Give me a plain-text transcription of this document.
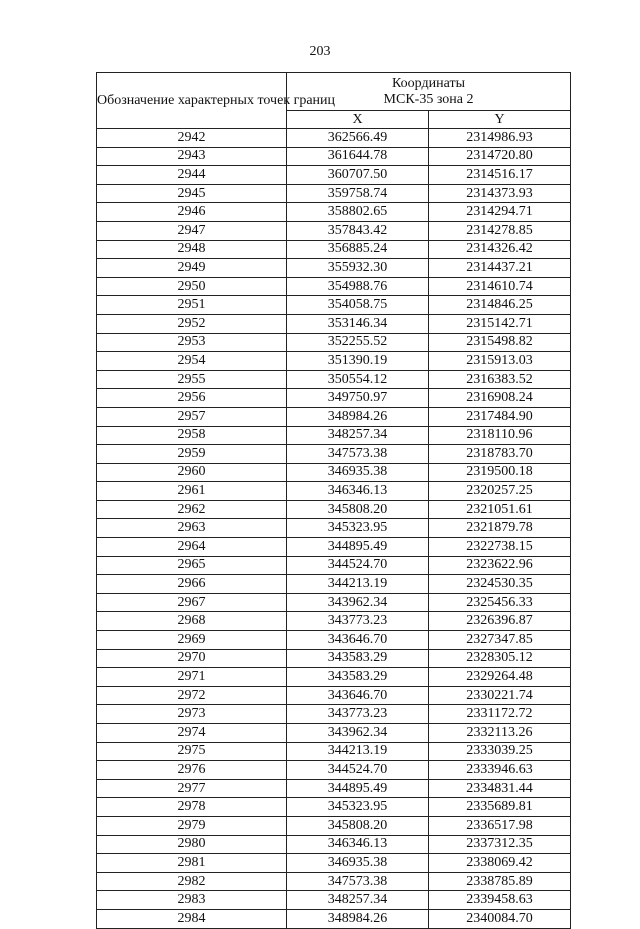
203
Обозначение характерных точек границ	Координаты
МСК-35 зона 2	
	X	Y
2942	362566.49	2314986.93
2943	361644.78	2314720.80
2944	360707.50	2314516.17
2945	359758.74	2314373.93
2946	358802.65	2314294.71
2947	357843.42	2314278.85
2948	356885.24	2314326.42
2949	355932.30	2314437.21
2950	354988.76	2314610.74
2951	354058.75	2314846.25
2952	353146.34	2315142.71
2953	352255.52	2315498.82
2954	351390.19	2315913.03
2955	350554.12	2316383.52
2956	349750.97	2316908.24
2957	348984.26	2317484.90
2958	348257.34	2318110.96
2959	347573.38	2318783.70
2960	346935.38	2319500.18
2961	346346.13	2320257.25
2962	345808.20	2321051.61
2963	345323.95	2321879.78
2964	344895.49	2322738.15
2965	344524.70	2323622.96
2966	344213.19	2324530.35
2967	343962.34	2325456.33
2968	343773.23	2326396.87
2969	343646.70	2327347.85
2970	343583.29	2328305.12
2971	343583.29	2329264.48
2972	343646.70	2330221.74
2973	343773.23	2331172.72
2974	343962.34	2332113.26
2975	344213.19	2333039.25
2976	344524.70	2333946.63
2977	344895.49	2334831.44
2978	345323.95	2335689.81
2979	345808.20	2336517.98
2980	346346.13	2337312.35
2981	346935.38	2338069.42
2982	347573.38	2338785.89
2983	348257.34	2339458.63
2984	348984.26	2340084.70
